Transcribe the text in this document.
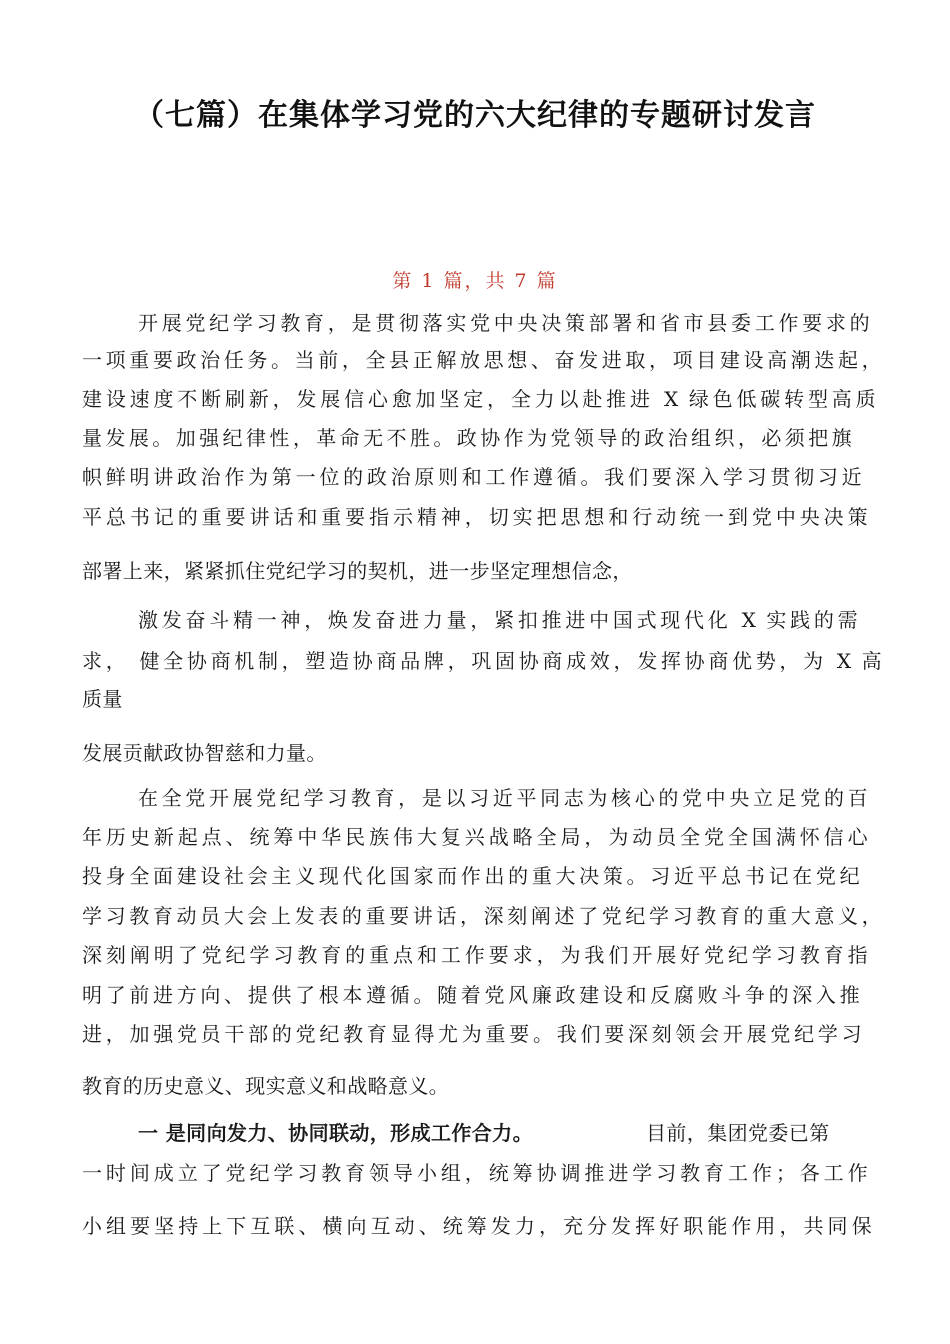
（七篇）在集体学习党的六大纪律的专题研讨发言
第 1 篇，共 7 篇
开展党纪学习教育，是贯彻落实党中央决策部署和省市县委工作要求的
一项重要政治任务。当前，全县正解放思想、奋发进取，项目建设高潮迭起，
建设速度不断刷新，发展信心愈加坚定，全力以赴推进 X 绿色低碳转型高质
量发展。加强纪律性，革命无不胜。政协作为党领导的政治组织，必须把旗
帜鲜明讲政治作为第一位的政治原则和工作遵循。我们要深入学习贯彻习近
平总书记的重要讲话和重要指示精神，切实把思想和行动统一到党中央决策
部署上来，紧紧抓住党纪学习的契机，进一步坚定理想信念，
激发奋斗精一神，焕发奋进力量，紧扣推进中国式现代化 X 实践的需
求， 健全协商机制，塑造协商品牌，巩固协商成效，发挥协商优势，为 X 高
质量
发展贡献政协智慈和力量。
在全党开展党纪学习教育，是以习近平同志为核心的党中央立足党的百
年历史新起点、统筹中华民族伟大复兴战略全局，为动员全党全国满怀信心
投身全面建设社会主义现代化国家而作出的重大决策。习近平总书记在党纪
学习教育动员大会上发表的重要讲话，深刻阐述了党纪学习教育的重大意义，
深刻阐明了党纪学习教育的重点和工作要求，为我们开展好党纪学习教育指
明了前进方向、提供了根本遵循。随着党风廉政建设和反腐败斗争的深入推
进，加强党员干部的党纪教育显得尤为重要。我们要深刻领会开展党纪学习
教育的历史意义、现实意义和战略意义。
一 是同向发力、协同联动，形成工作合力。	目前，集团党委已第
一时间成立了党纪学习教育领导小组，统筹协调推进学习教育工作；各工作
小组要坚持上下互联、横向互动、统筹发力，充分发挥好职能作用，共同保
